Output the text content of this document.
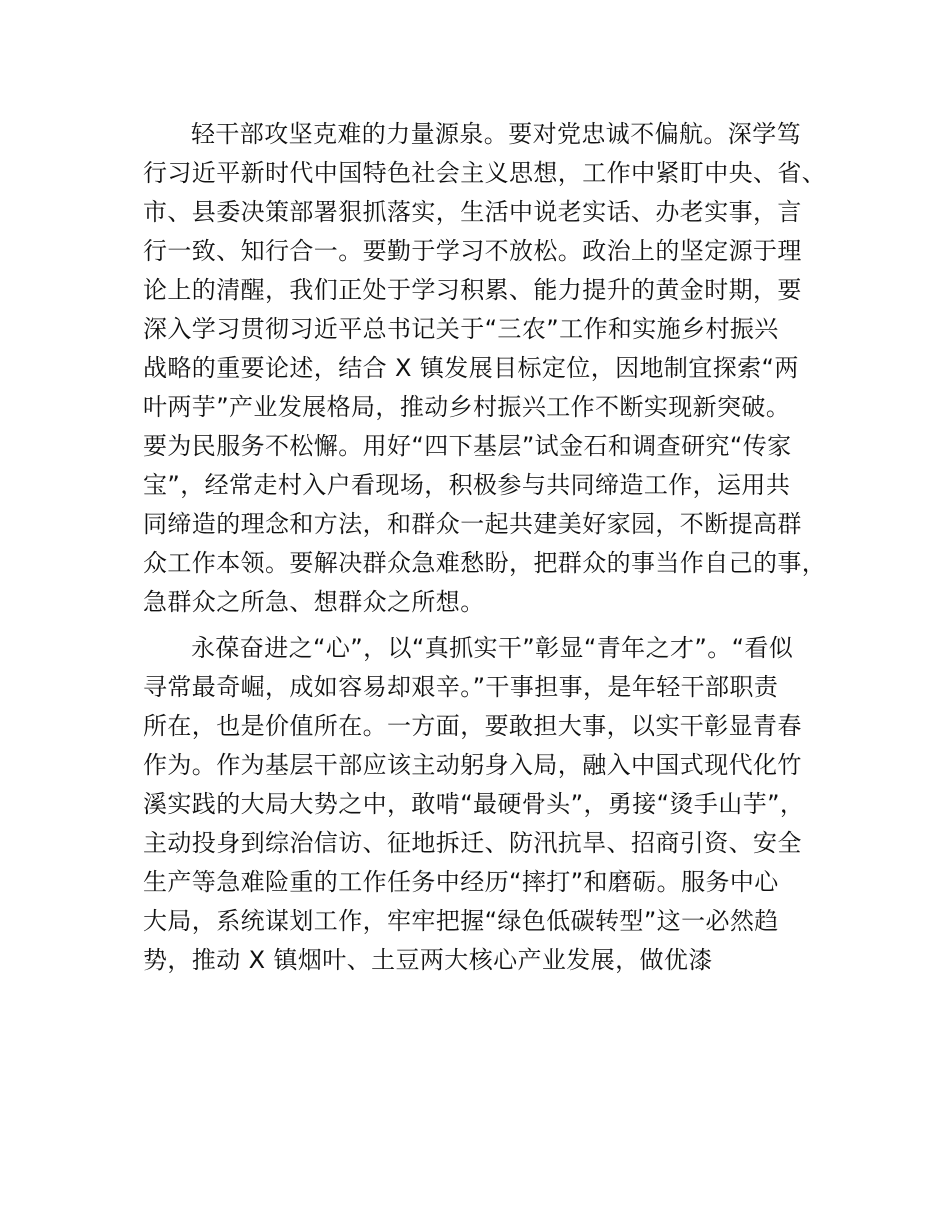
轻干部攻坚克难的力量源泉。要对党忠诚不偏航。深学笃
行习近平新时代中国特色社会主义思想，工作中紧盯中央、省、
市、县委决策部署狠抓落实，生活中说老实话、办老实事，言
行一致、知行合一。要勤于学习不放松。政治上的坚定源于理
论上的清醒，我们正处于学习积累、能力提升的黄金时期，要
深入学习贯彻习近平总书记关于“三农”工作和实施乡村振兴
战略的重要论述，结合 X 镇发展目标定位，因地制宜探索“两
叶两芋”产业发展格局，推动乡村振兴工作不断实现新突破。
要为民服务不松懈。用好“四下基层”试金石和调查研究“传家
宝”，经常走村入户看现场，积极参与共同缔造工作，运用共
同缔造的理念和方法，和群众一起共建美好家园，不断提高群
众工作本领。要解决群众急难愁盼，把群众的事当作自己的事，
急群众之所急、想群众之所想。
永葆奋进之“心”，以“真抓实干”彰显“青年之才”。“看似
寻常最奇崛，成如容易却艰辛。”干事担事，是年轻干部职责
所在，也是价值所在。一方面，要敢担大事，以实干彰显青春
作为。作为基层干部应该主动躬身入局，融入中国式现代化竹
溪实践的大局大势之中，敢啃“最硬骨头”，勇接“烫手山芋”，
主动投身到综治信访、征地拆迁、防汛抗旱、招商引资、安全
生产等急难险重的工作任务中经历“摔打”和磨砺。服务中心
大局，系统谋划工作，牢牢把握“绿色低碳转型”这一必然趋
势，推动 X 镇烟叶、土豆两大核心产业发展，做优漆
